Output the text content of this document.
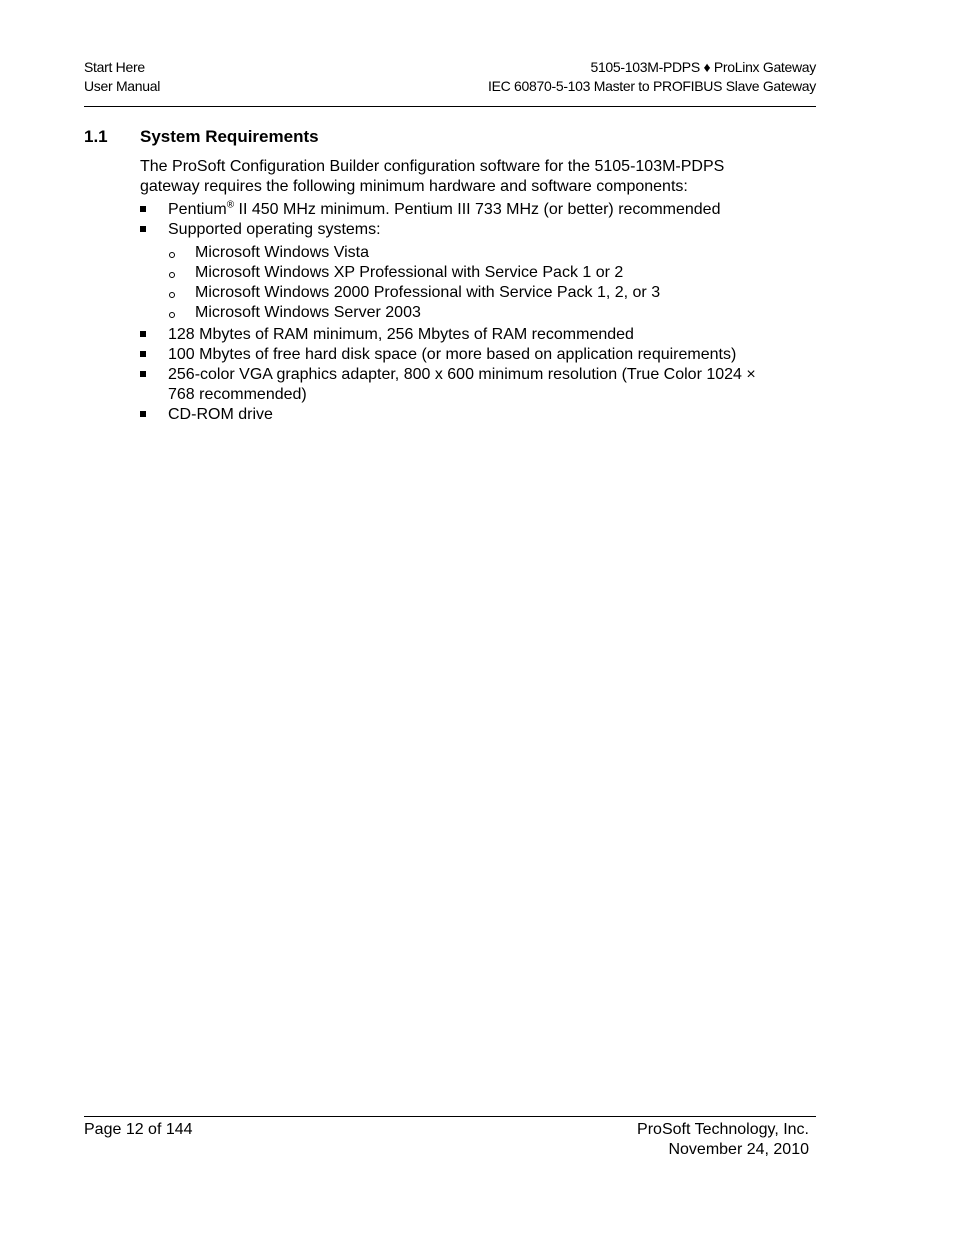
Start Here
User Manual
5105-103M-PDPS ♦ ProLinx Gateway
IEC 60870-5-103 Master to PROFIBUS Slave Gateway
1.1 System Requirements

The ProSoft Configuration Builder configuration software for the 5105-103M-PDPS gateway requires the following minimum hardware and software components:

Pentium® II 450 MHz minimum. Pentium III 733 MHz (or better) recommended
Supported operating systems:
Microsoft Windows Vista
Microsoft Windows XP Professional with Service Pack 1 or 2
Microsoft Windows 2000 Professional with Service Pack 1, 2, or 3
Microsoft Windows Server 2003
128 Mbytes of RAM minimum, 256 Mbytes of RAM recommended
100 Mbytes of free hard disk space (or more based on application requirements)
256-color VGA graphics adapter, 800 x 600 minimum resolution (True Color 1024 × 768 recommended)
CD-ROM drive
Page 12 of 144	ProSoft Technology, Inc.
November 24, 2010
